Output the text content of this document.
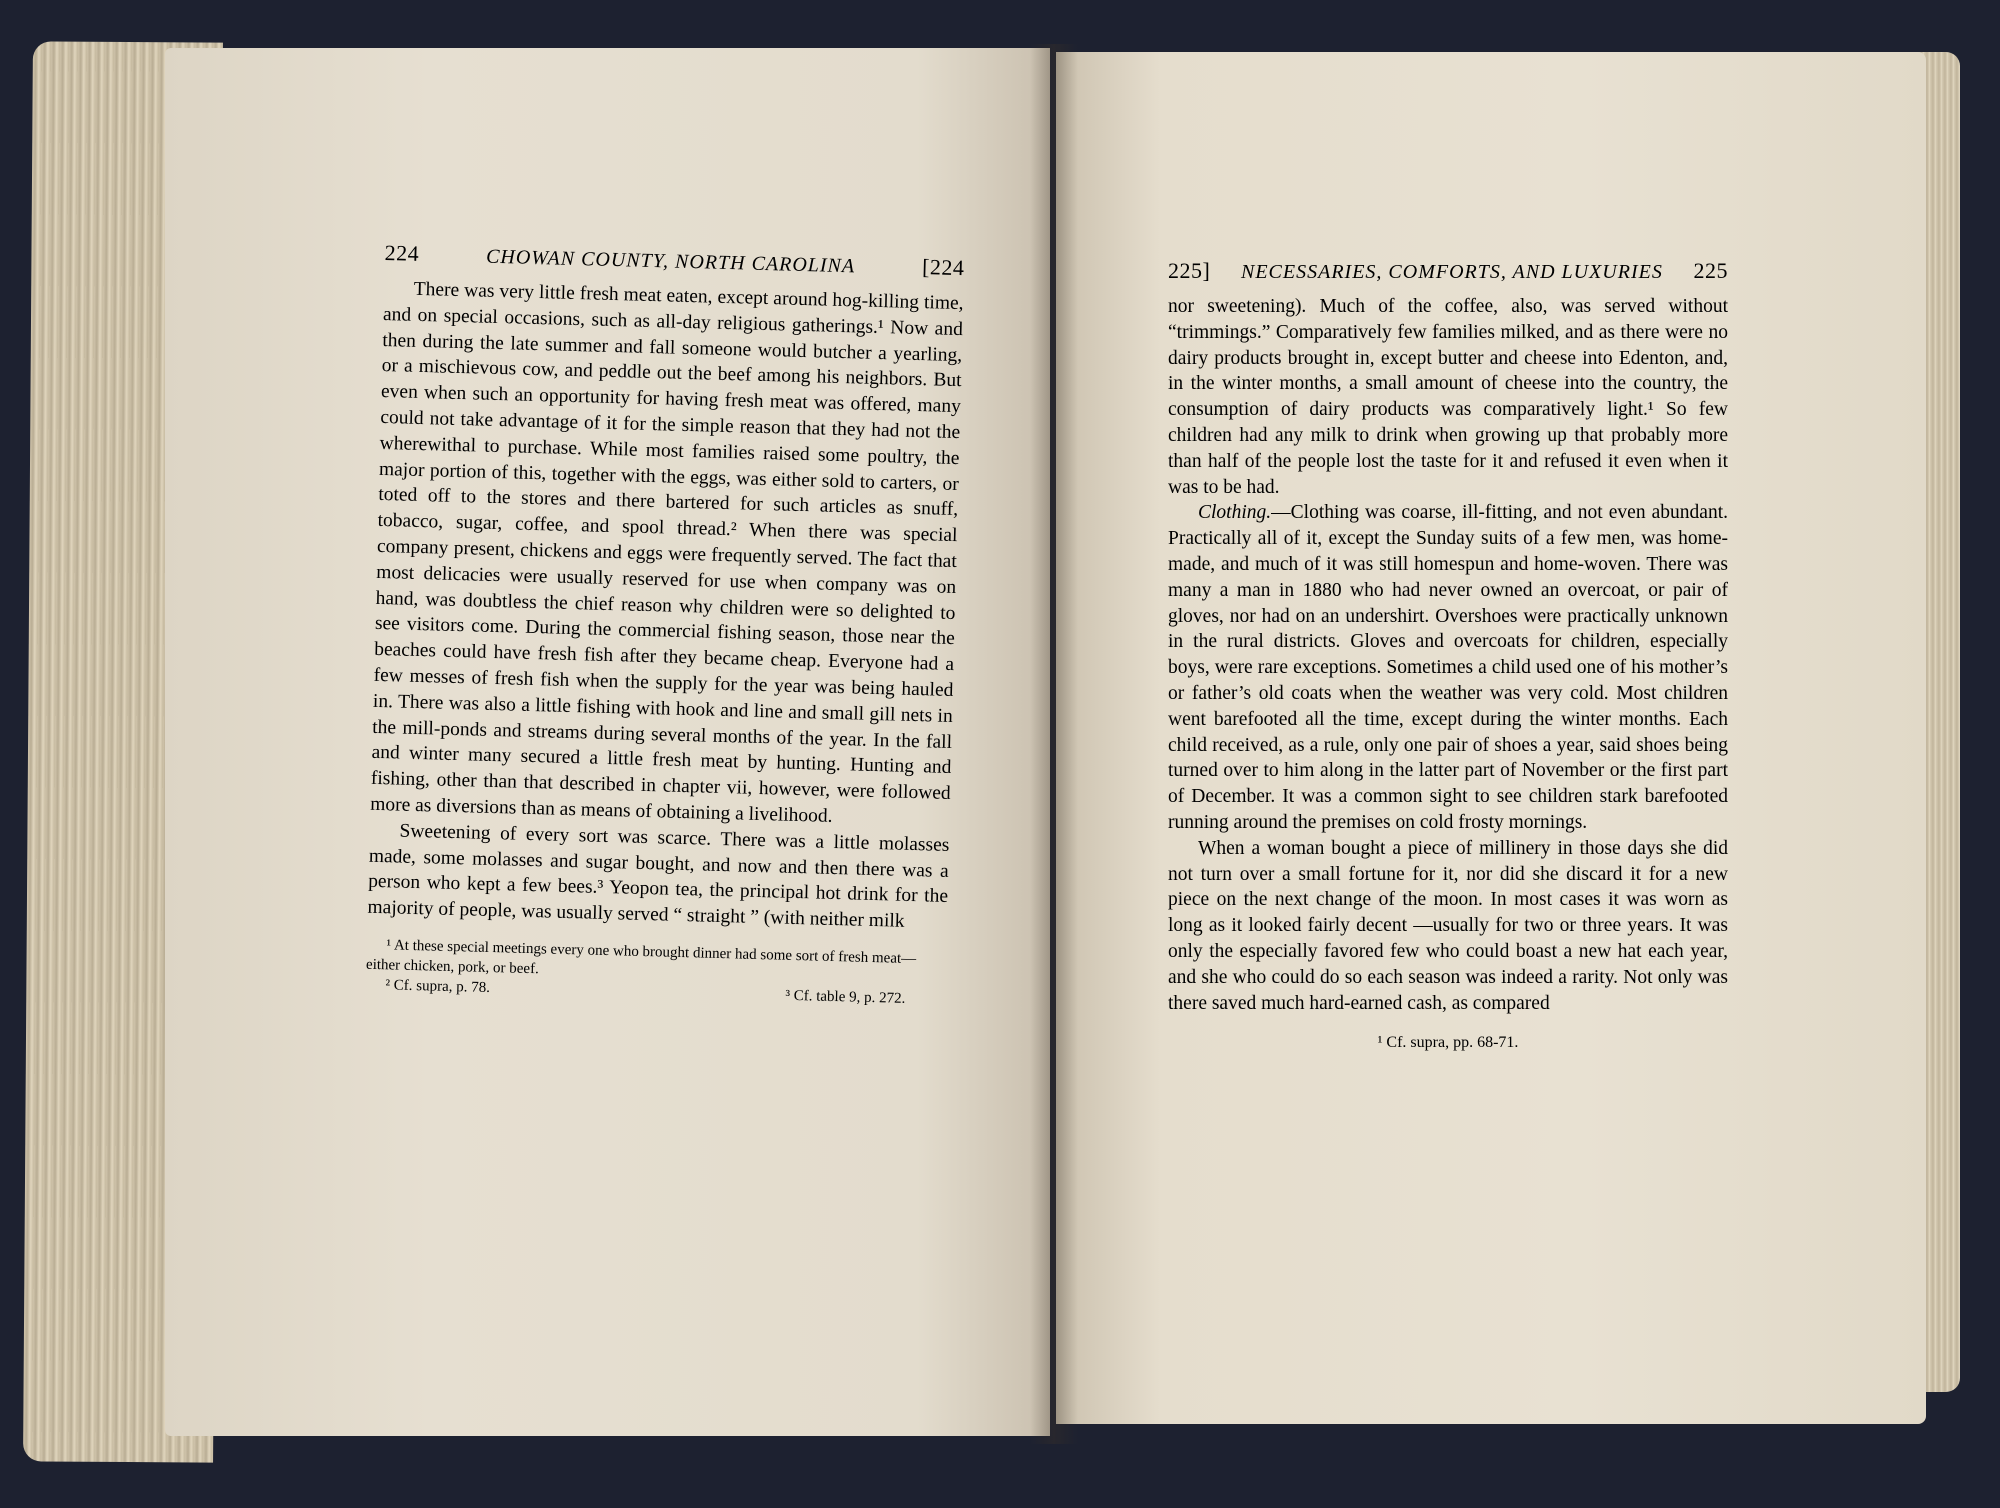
224	CHOWAN COUNTY, NORTH CAROLINA	[224

There was very little fresh meat eaten, except around hog-killing time, and on special occasions, such as all-day religious gatherings.¹ Now and then during the late summer and fall someone would butcher a yearling, or a mischievous cow, and peddle out the beef among his neighbors. But even when such an opportunity for having fresh meat was offered, many could not take advantage of it for the simple reason that they had not the wherewithal to purchase. While most families raised some poultry, the major portion of this, together with the eggs, was either sold to carters, or toted off to the stores and there bartered for such articles as snuff, tobacco, sugar, coffee, and spool thread.² When there was special company present, chickens and eggs were frequently served. The fact that most delicacies were usually reserved for use when company was on hand, was doubtless the chief reason why children were so delighted to see visitors come. During the commercial fishing season, those near the beaches could have fresh fish after they became cheap. Everyone had a few messes of fresh fish when the supply for the year was being hauled in. There was also a little fishing with hook and line and small gill nets in the mill-ponds and streams during several months of the year. In the fall and winter many secured a little fresh meat by hunting. Hunting and fishing, other than that described in chapter vii, however, were followed more as diversions than as means of obtaining a livelihood.

Sweetening of every sort was scarce. There was a little molasses made, some molasses and sugar bought, and now and then there was a person who kept a few bees.³ Yeopon tea, the principal hot drink for the majority of people, was usually served “ straight ” (with neither milk

¹ At these special meetings every one who brought dinner had some sort of fresh meat—either chicken, pork, or beef.

² Cf. supra, p. 78.
³ Cf. table 9, p. 272.
225] NECESSARIES, COMFORTS, AND LUXURIES 225

nor sweetening). Much of the coffee, also, was served without “trimmings.” Comparatively few families milked, and as there were no dairy products brought in, except butter and cheese into Edenton, and, in the winter months, a small amount of cheese into the country, the consumption of dairy products was comparatively light.¹ So few children had any milk to drink when growing up that probably more than half of the people lost the taste for it and refused it even when it was to be had.

Clothing.—Clothing was coarse, ill-fitting, and not even abundant. Practically all of it, except the Sunday suits of a few men, was home-made, and much of it was still homespun and home-woven. There was many a man in 1880 who had never owned an overcoat, or pair of gloves, nor had on an undershirt. Overshoes were practically unknown in the rural districts. Gloves and overcoats for children, especially boys, were rare exceptions. Sometimes a child used one of his mother’s or father’s old coats when the weather was very cold. Most children went barefooted all the time, except during the winter months. Each child received, as a rule, only one pair of shoes a year, said shoes being turned over to him along in the latter part of November or the first part of December. It was a common sight to see children stark barefooted running around the premises on cold frosty mornings.

When a woman bought a piece of millinery in those days she did not turn over a small fortune for it, nor did she discard it for a new piece on the next change of the moon. In most cases it was worn as long as it looked fairly decent —usually for two or three years. It was only the especially favored few who could boast a new hat each year, and she who could do so each season was indeed a rarity. Not only was there saved much hard-earned cash, as compared

¹ Cf. supra, pp. 68-71.
